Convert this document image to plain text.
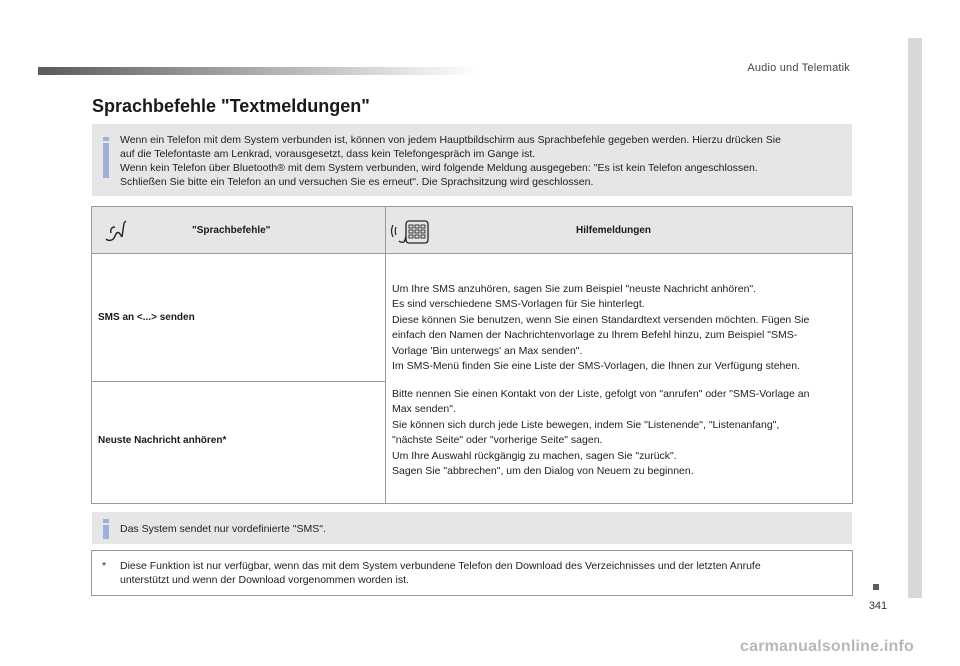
Audio und Telematik
341
Sprachbefehle "Textmeldungen"

Wenn ein Telefon mit dem System verbunden ist, können von jedem Hauptbildschirm aus Sprachbefehle gegeben werden. Hierzu drücken Sie

auf die Telefontaste am Lenkrad, vorausgesetzt, dass kein Telefongespräch im Gange ist.

Wenn kein Telefon über Bluetooth® mit dem System verbunden, wird folgende Meldung ausgegeben: "Es ist kein Telefon angeschlossen.

Schließen Sie bitte ein Telefon an und versuchen Sie es erneut". Die Sprachsitzung wird geschlossen.

"Sprachbefehle"	Hilfemeldungen
SMS an <...> senden
Neuste Nachricht anhören*

Um Ihre SMS anzuhören, sagen Sie zum Beispiel "neuste Nachricht anhören".

Es sind verschiedene SMS-Vorlagen für Sie hinterlegt.

Diese können Sie benutzen, wenn Sie einen Standardtext versenden möchten. Fügen Sie

einfach den Namen der Nachrichtenvorlage zu Ihrem Befehl hinzu, zum Beispiel "SMS-

Vorlage 'Bin unterwegs' an Max senden".

Im SMS-Menü finden Sie eine Liste der SMS-Vorlagen, die Ihnen zur Verfügung stehen.

Bitte nennen Sie einen Kontakt von der Liste, gefolgt von "anrufen" oder "SMS-Vorlage an

Max senden".

Sie können sich durch jede Liste bewegen, indem Sie "Listenende", "Listenanfang",

"nächste Seite" oder "vorherige Seite" sagen.

Um Ihre Auswahl rückgängig zu machen, sagen Sie "zurück".

Sagen Sie "abbrechen", um den Dialog von Neuem zu beginnen.

Das System sendet nur vordefinierte "SMS".
* Diese Funktion ist nur verfügbar, wenn das mit dem System verbundene Telefon den Download des Verzeichnisses und der letzten Anrufe
unterstützt und wenn der Download vorgenommen worden ist.
carmanualsonline.info
